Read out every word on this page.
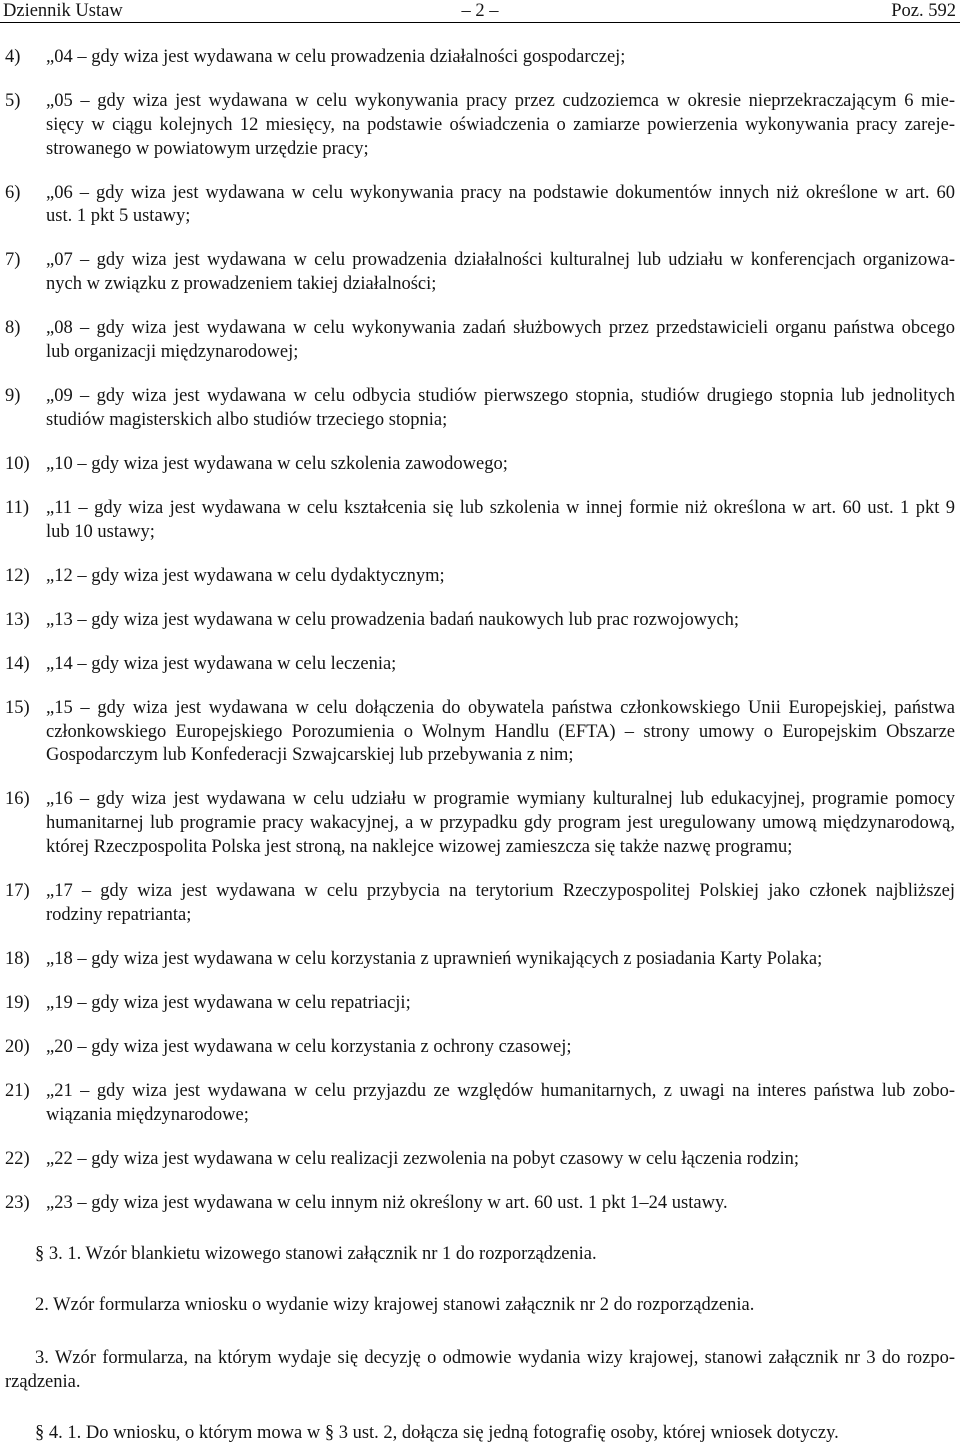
Dziennik Ustaw	– 2 –	Poz. 592
4)	„04 – gdy wiza jest wydawana w celu prowadzenia działalności gospodarczej;
5)	„05 – gdy wiza jest wydawana w celu wykonywania pracy przez cudzoziemca w okresie nieprzekraczającym 6 mie-
sięcy w ciągu kolejnych 12 miesięcy, na podstawie oświadczenia o zamiarze powierzenia wykonywania pracy zareje-
strowanego w powiatowym urzędzie pracy;
6)	„06 – gdy wiza jest wydawana w celu wykonywania pracy na podstawie dokumentów innych niż określone w art. 60
ust. 1 pkt 5 ustawy;
7)	„07 – gdy wiza jest wydawana w celu prowadzenia działalności kulturalnej lub udziału w konferencjach organizowa-
nych w związku z prowadzeniem takiej działalności;
8)	„08 – gdy wiza jest wydawana w celu wykonywania zadań służbowych przez przedstawicieli organu państwa obcego
lub organizacji międzynarodowej;
9)	„09 – gdy wiza jest wydawana w celu odbycia studiów pierwszego stopnia, studiów drugiego stopnia lub jednolitych
studiów magisterskich albo studiów trzeciego stopnia;
10) „10 – gdy wiza jest wydawana w celu szkolenia zawodowego;
11) „11 – gdy wiza jest wydawana w celu kształcenia się lub szkolenia w innej formie niż określona w art. 60 ust. 1 pkt 9
lub 10 ustawy;
12) „12 – gdy wiza jest wydawana w celu dydaktycznym;
13) „13 – gdy wiza jest wydawana w celu prowadzenia badań naukowych lub prac rozwojowych;
14) „14 – gdy wiza jest wydawana w celu leczenia;
15) „15 – gdy wiza jest wydawana w celu dołączenia do obywatela państwa członkowskiego Unii Europejskiej, państwa
członkowskiego Europejskiego Porozumienia o Wolnym Handlu (EFTA) – strony umowy o Europejskim Obszarze
Gospodarczym lub Konfederacji Szwajcarskiej lub przebywania z nim;
16) „16 – gdy wiza jest wydawana w celu udziału w programie wymiany kulturalnej lub edukacyjnej, programie pomocy
humanitarnej lub programie pracy wakacyjnej, a w przypadku gdy program jest uregulowany umową międzynarodową,
której Rzeczpospolita Polska jest stroną, na naklejce wizowej zamieszcza się także nazwę programu;
17) „17 – gdy wiza jest wydawana w celu przybycia na terytorium Rzeczypospolitej Polskiej jako członek najbliższej
rodziny repatrianta;
18) „18 – gdy wiza jest wydawana w celu korzystania z uprawnień wynikających z posiadania Karty Polaka;
19) „19 – gdy wiza jest wydawana w celu repatriacji;
20) „20 – gdy wiza jest wydawana w celu korzystania z ochrony czasowej;
21) „21 – gdy wiza jest wydawana w celu przyjazdu ze względów humanitarnych, z uwagi na interes państwa lub zobo-
wiązania międzynarodowe;
22) „22 – gdy wiza jest wydawana w celu realizacji zezwolenia na pobyt czasowy w celu łączenia rodzin;
23) „23 – gdy wiza jest wydawana w celu innym niż określony w art. 60 ust. 1 pkt 1–24 ustawy.
§ 3. 1. Wzór blankietu wizowego stanowi załącznik nr 1 do rozporządzenia.
2. Wzór formularza wniosku o wydanie wizy krajowej stanowi załącznik nr 2 do rozporządzenia.
3. Wzór formularza, na którym wydaje się decyzję o odmowie wydania wizy krajowej, stanowi załącznik nr 3 do rozpo-
rządzenia.
§ 4. 1. Do wniosku, o którym mowa w § 3 ust. 2, dołącza się jedną fotografię osoby, której wniosek dotyczy.
